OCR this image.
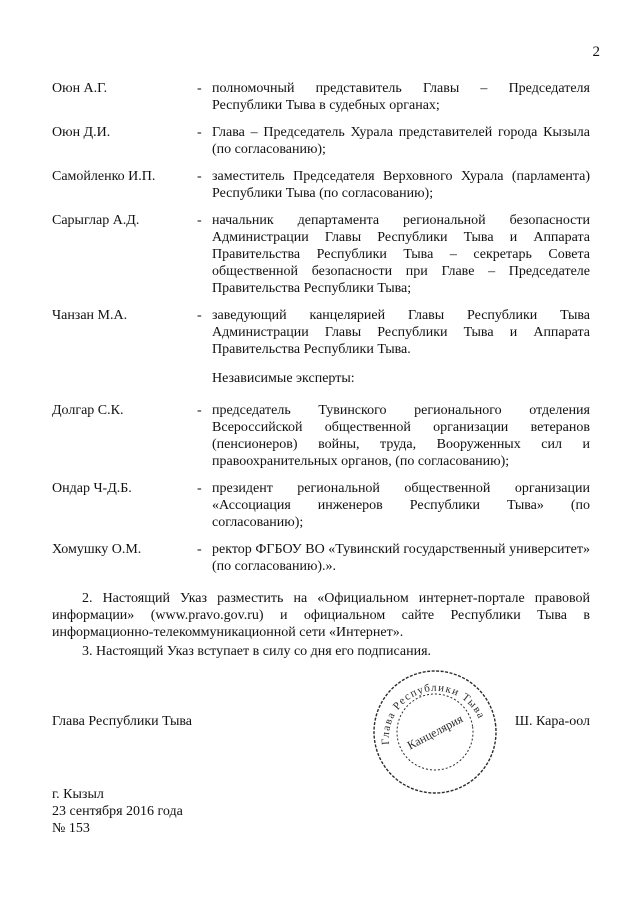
2
Оюн А.Г.	- полномочный представитель Главы – Председателя Республики Тыва в судебных органах;
Оюн Д.И.	- Глава – Председатель Хурала представителей города Кызыла (по согласованию);
Самойленко И.П.	- заместитель Председателя Верховного Хурала (парламента) Республики Тыва (по согласованию);
Сарыглар А.Д.	- начальник департамента региональной безопасности Администрации Главы Республики Тыва и Аппарата Правительства Республики Тыва – секретарь Совета общественной безопасности при Главе – Председателе Правительства Республики Тыва;
Чанзан М.А.	- заведующий канцелярией Главы Республики Тыва Администрации Главы Республики Тыва и Аппарата Правительства Республики Тыва.
Независимые эксперты:
Долгар С.К.	- председатель Тувинского регионального отделения Всероссийской общественной организации ветеранов (пенсионеров) войны, труда, Вооруженных сил и правоохранительных органов, (по согласованию);
Ондар Ч-Д.Б.	- президент региональной общественной организации «Ассоциация инженеров Республики Тыва» (по согласованию);
Хомушку О.М.	- ректор ФГБОУ ВО «Тувинский государственный университет» (по согласованию).».

2. Настоящий Указ разместить на «Официальном интернет-портале правовой информации» (www.pravo.gov.ru) и официальном сайте Республики Тыва в информационно-телекоммуникационной сети «Интернет».

3. Настоящий Указ вступает в силу со дня его подписания.

Глава Республики Тыва	Ш. Кара-оол
Глава Республики Тыва
Канцелярия
г. Кызыл
23 сентября 2016 года
№ 153
